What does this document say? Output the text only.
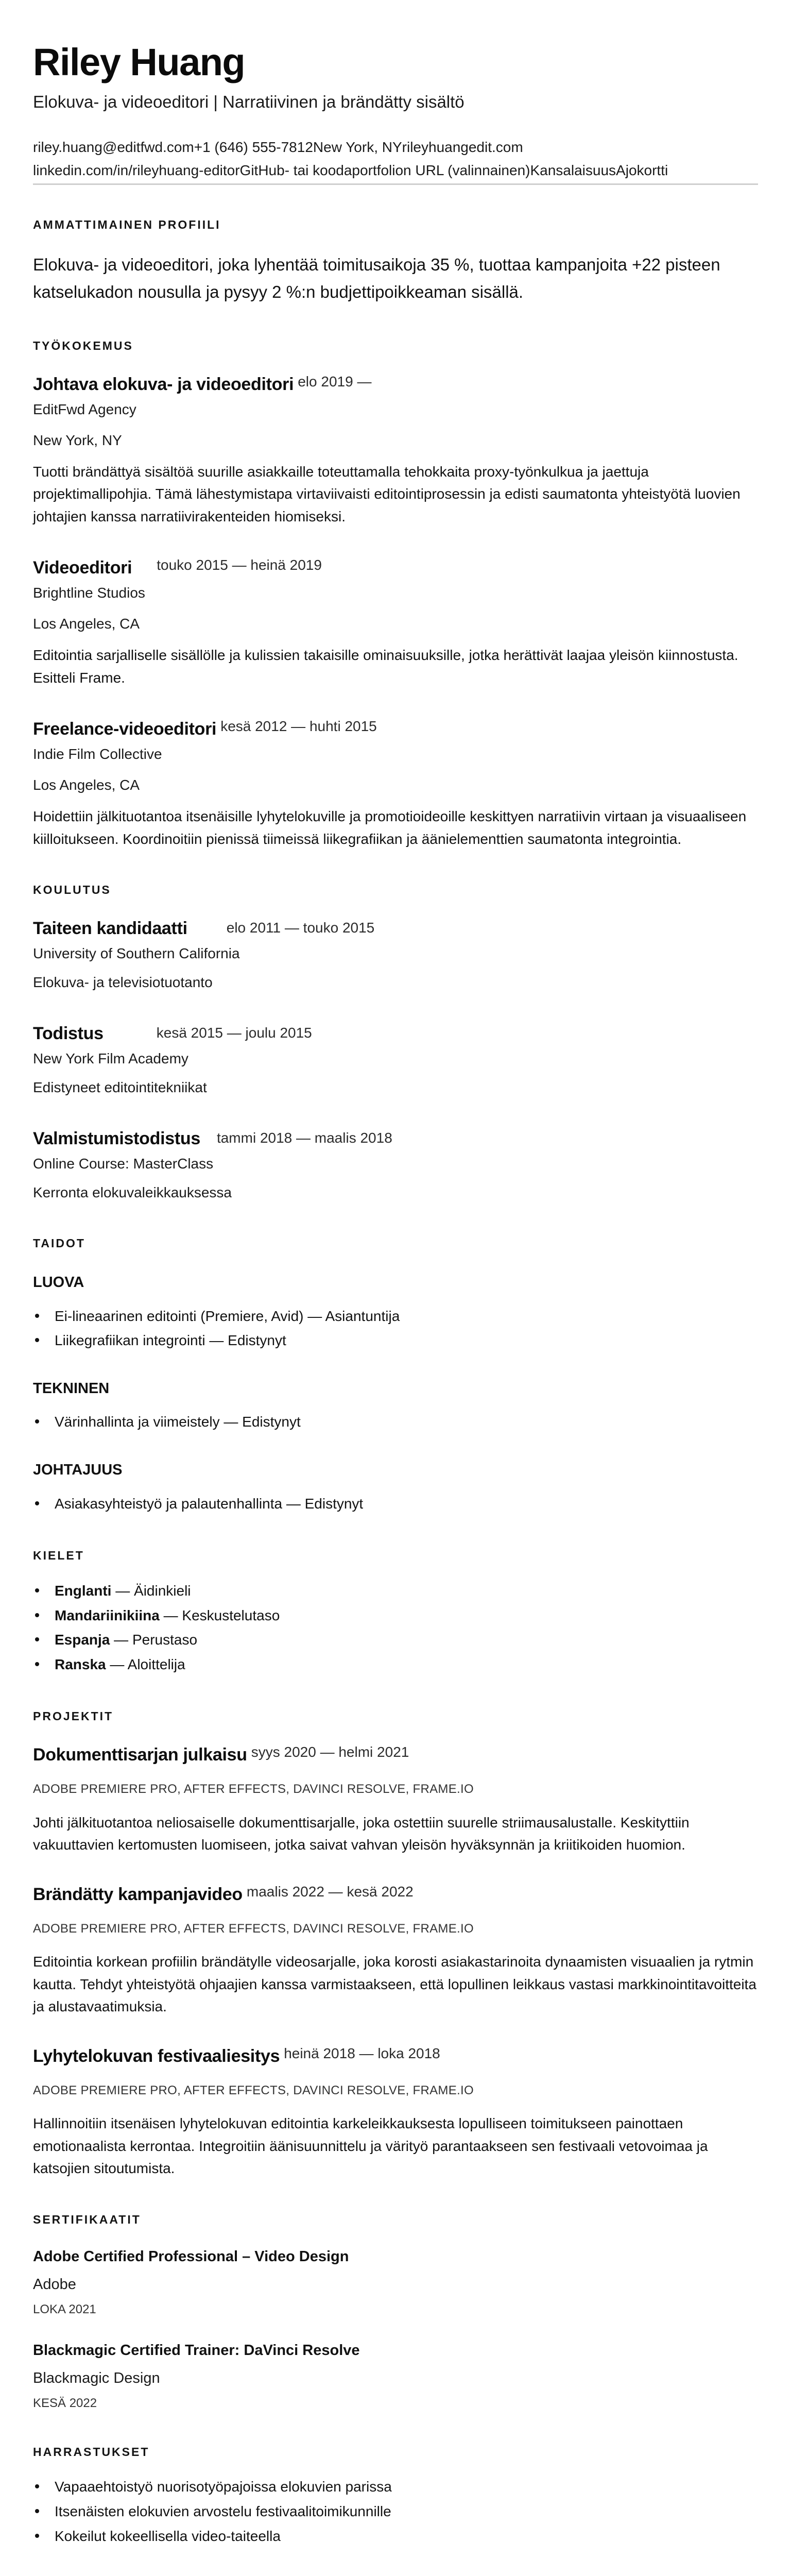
Riley Huang
Elokuva- ja videoeditori | Narratiivinen ja brändätty sisältö
riley.huang@editfwd.com+1 (646) 555-7812New York, NYrileyhuangedit.com
linkedin.com/in/rileyhuang-editorGitHub- tai koodaportfolion URL (valinnainen)KansalaisuusAjokortti
AMMATTIMAINEN PROFIILI

Elokuva- ja videoeditori, joka lyhentää toimitusaikoja 35 %, tuottaa kampanjoita +22 pisteen katselukadon nousulla ja pysyy 2 %:n budjettipoikkeaman sisällä.

TYÖKOKEMUS
Johtava elokuva- ja videoeditori elo 2019 —
EditFwd Agency
New York, NY

Tuotti brändättyä sisältöä suurille asiakkaille toteuttamalla tehokkaita proxy-työnkulkua ja jaettuja projektimallipohjia. Tämä lähestymistapa virtaviivaisti editointiprosessin ja edisti saumatonta yhteistyötä luovien johtajien kanssa narratiivirakenteiden hiomiseksi.

Videoeditori touko 2015 — heinä 2019
Brightline Studios
Los Angeles, CA

Editointia sarjalliselle sisällölle ja kulissien takaisille ominaisuuksille, jotka herättivät laajaa yleisön kiinnostusta. Esitteli Frame.

Freelance-videoeditori kesä 2012 — huhti 2015
Indie Film Collective
Los Angeles, CA

Hoidettiin jälkituotantoa itsenäisille lyhytelokuville ja promotioideoille keskittyen narratiivin virtaan ja visuaaliseen kiilloitukseen. Koordinoitiin pienissä tiimeissä liikegrafiikan ja äänielementtien saumatonta integrointia.

KOULUTUS
Taiteen kandidaatti	elo 2011 — touko 2015
University of Southern California
Elokuva- ja televisiotuotanto
Todistus	kesä 2015 — joulu 2015
New York Film Academy
Edistyneet editointitekniikat
Valmistumistodistus tammi 2018 — maalis 2018
Online Course: MasterClass
Kerronta elokuvaleikkauksessa
TAIDOT
LUOVA
Ei-lineaarinen editointi (Premiere, Avid) — Asiantuntija
Liikegrafiikan integrointi — Edistynyt
TEKNINEN
Värinhallinta ja viimeistely — Edistynyt
JOHTAJUUS
Asiakasyhteistyö ja palautenhallinta — Edistynyt
KIELET
Englanti — Äidinkieli
Mandariinikiina — Keskustelutaso
Espanja — Perustaso
Ranska — Aloittelija
PROJEKTIT
Dokumenttisarjan julkaisu syys 2020 — helmi 2021
ADOBE PREMIERE PRO, AFTER EFFECTS, DAVINCI RESOLVE, FRAME.IO

Johti jälkituotantoa neliosaiselle dokumenttisarjalle, joka ostettiin suurelle striimausalustalle. Keskityttiin vakuuttavien kertomusten luomiseen, jotka saivat vahvan yleisön hyväksynnän ja kriitikoiden huomion.

Brändätty kampanjavideo maalis 2022 — kesä 2022
ADOBE PREMIERE PRO, AFTER EFFECTS, DAVINCI RESOLVE, FRAME.IO

Editointia korkean profiilin brändätylle videosarjalle, joka korosti asiakastarinoita dynaamisten visuaalien ja rytmin kautta. Tehdyt yhteistyötä ohjaajien kanssa varmistaakseen, että lopullinen leikkaus vastasi markkinointitavoitteita ja alustavaatimuksia.

Lyhytelokuvan festivaaliesitys heinä 2018 — loka 2018
ADOBE PREMIERE PRO, AFTER EFFECTS, DAVINCI RESOLVE, FRAME.IO

Hallinnoitiin itsenäisen lyhytelokuvan editointia karkeleikkauksesta lopulliseen toimitukseen painottaen emotionaalista kerrontaa. Integroitiin äänisuunnittelu ja värityö parantaakseen sen festivaali vetovoimaa ja katsojien sitoutumista.

SERTIFIKAATIT
Adobe Certified Professional – Video Design
Adobe
LOKA 2021
Blackmagic Certified Trainer: DaVinci Resolve
Blackmagic Design
KESÄ 2022
HARRASTUKSET
Vapaaehtoistyö nuorisotyöpajoissa elokuvien parissa
Itsenäisten elokuvien arvostelu festivaalitoimikunnille
Kokeilut kokeellisella video-taiteella
